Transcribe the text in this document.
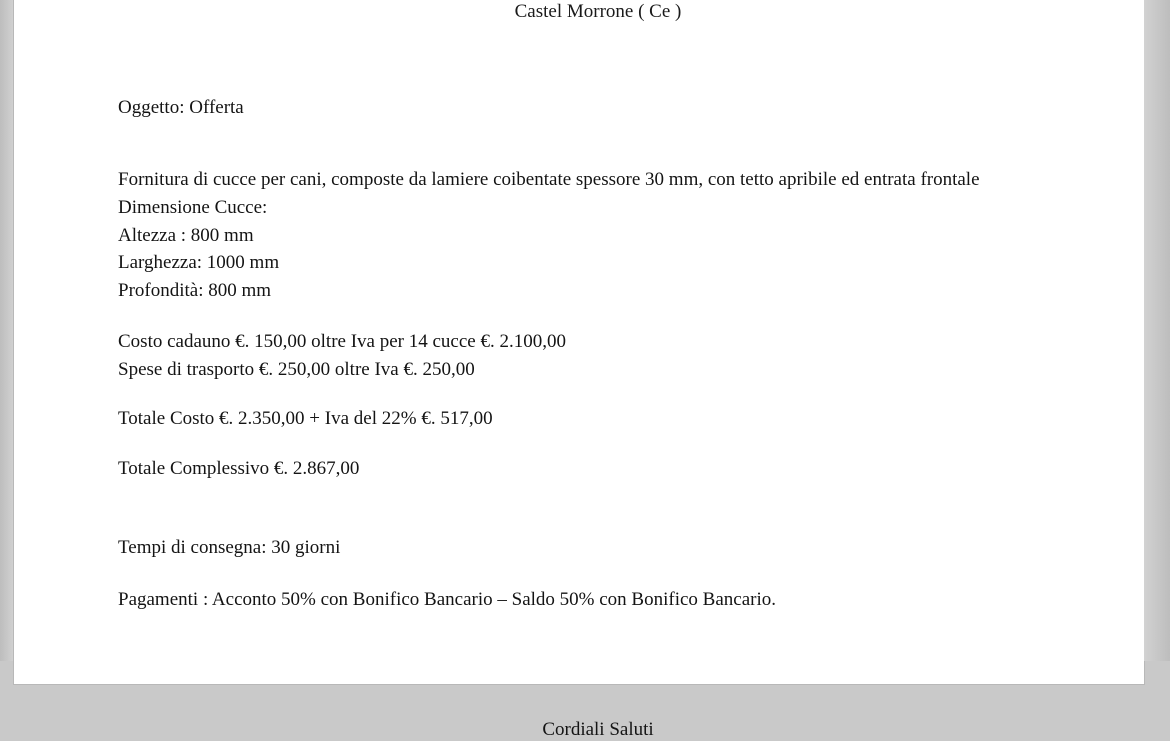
Castel Morrone ( Ce )
Oggetto: Offerta
Fornitura di cucce per cani, composte da lamiere coibentate spessore 30 mm, con tetto apribile ed entrata frontale
Dimensione Cucce:
Altezza : 800 mm
Larghezza: 1000 mm
Profondità: 800 mm
Costo cadauno €. 150,00 oltre Iva per 14 cucce €. 2.100,00
Spese di trasporto €. 250,00 oltre Iva €. 250,00
Totale Costo €. 2.350,00 + Iva del 22% €. 517,00
Totale Complessivo €. 2.867,00
Tempi di consegna: 30 giorni
Pagamenti : Acconto 50% con Bonifico Bancario – Saldo 50% con Bonifico Bancario.
Cordiali Saluti
